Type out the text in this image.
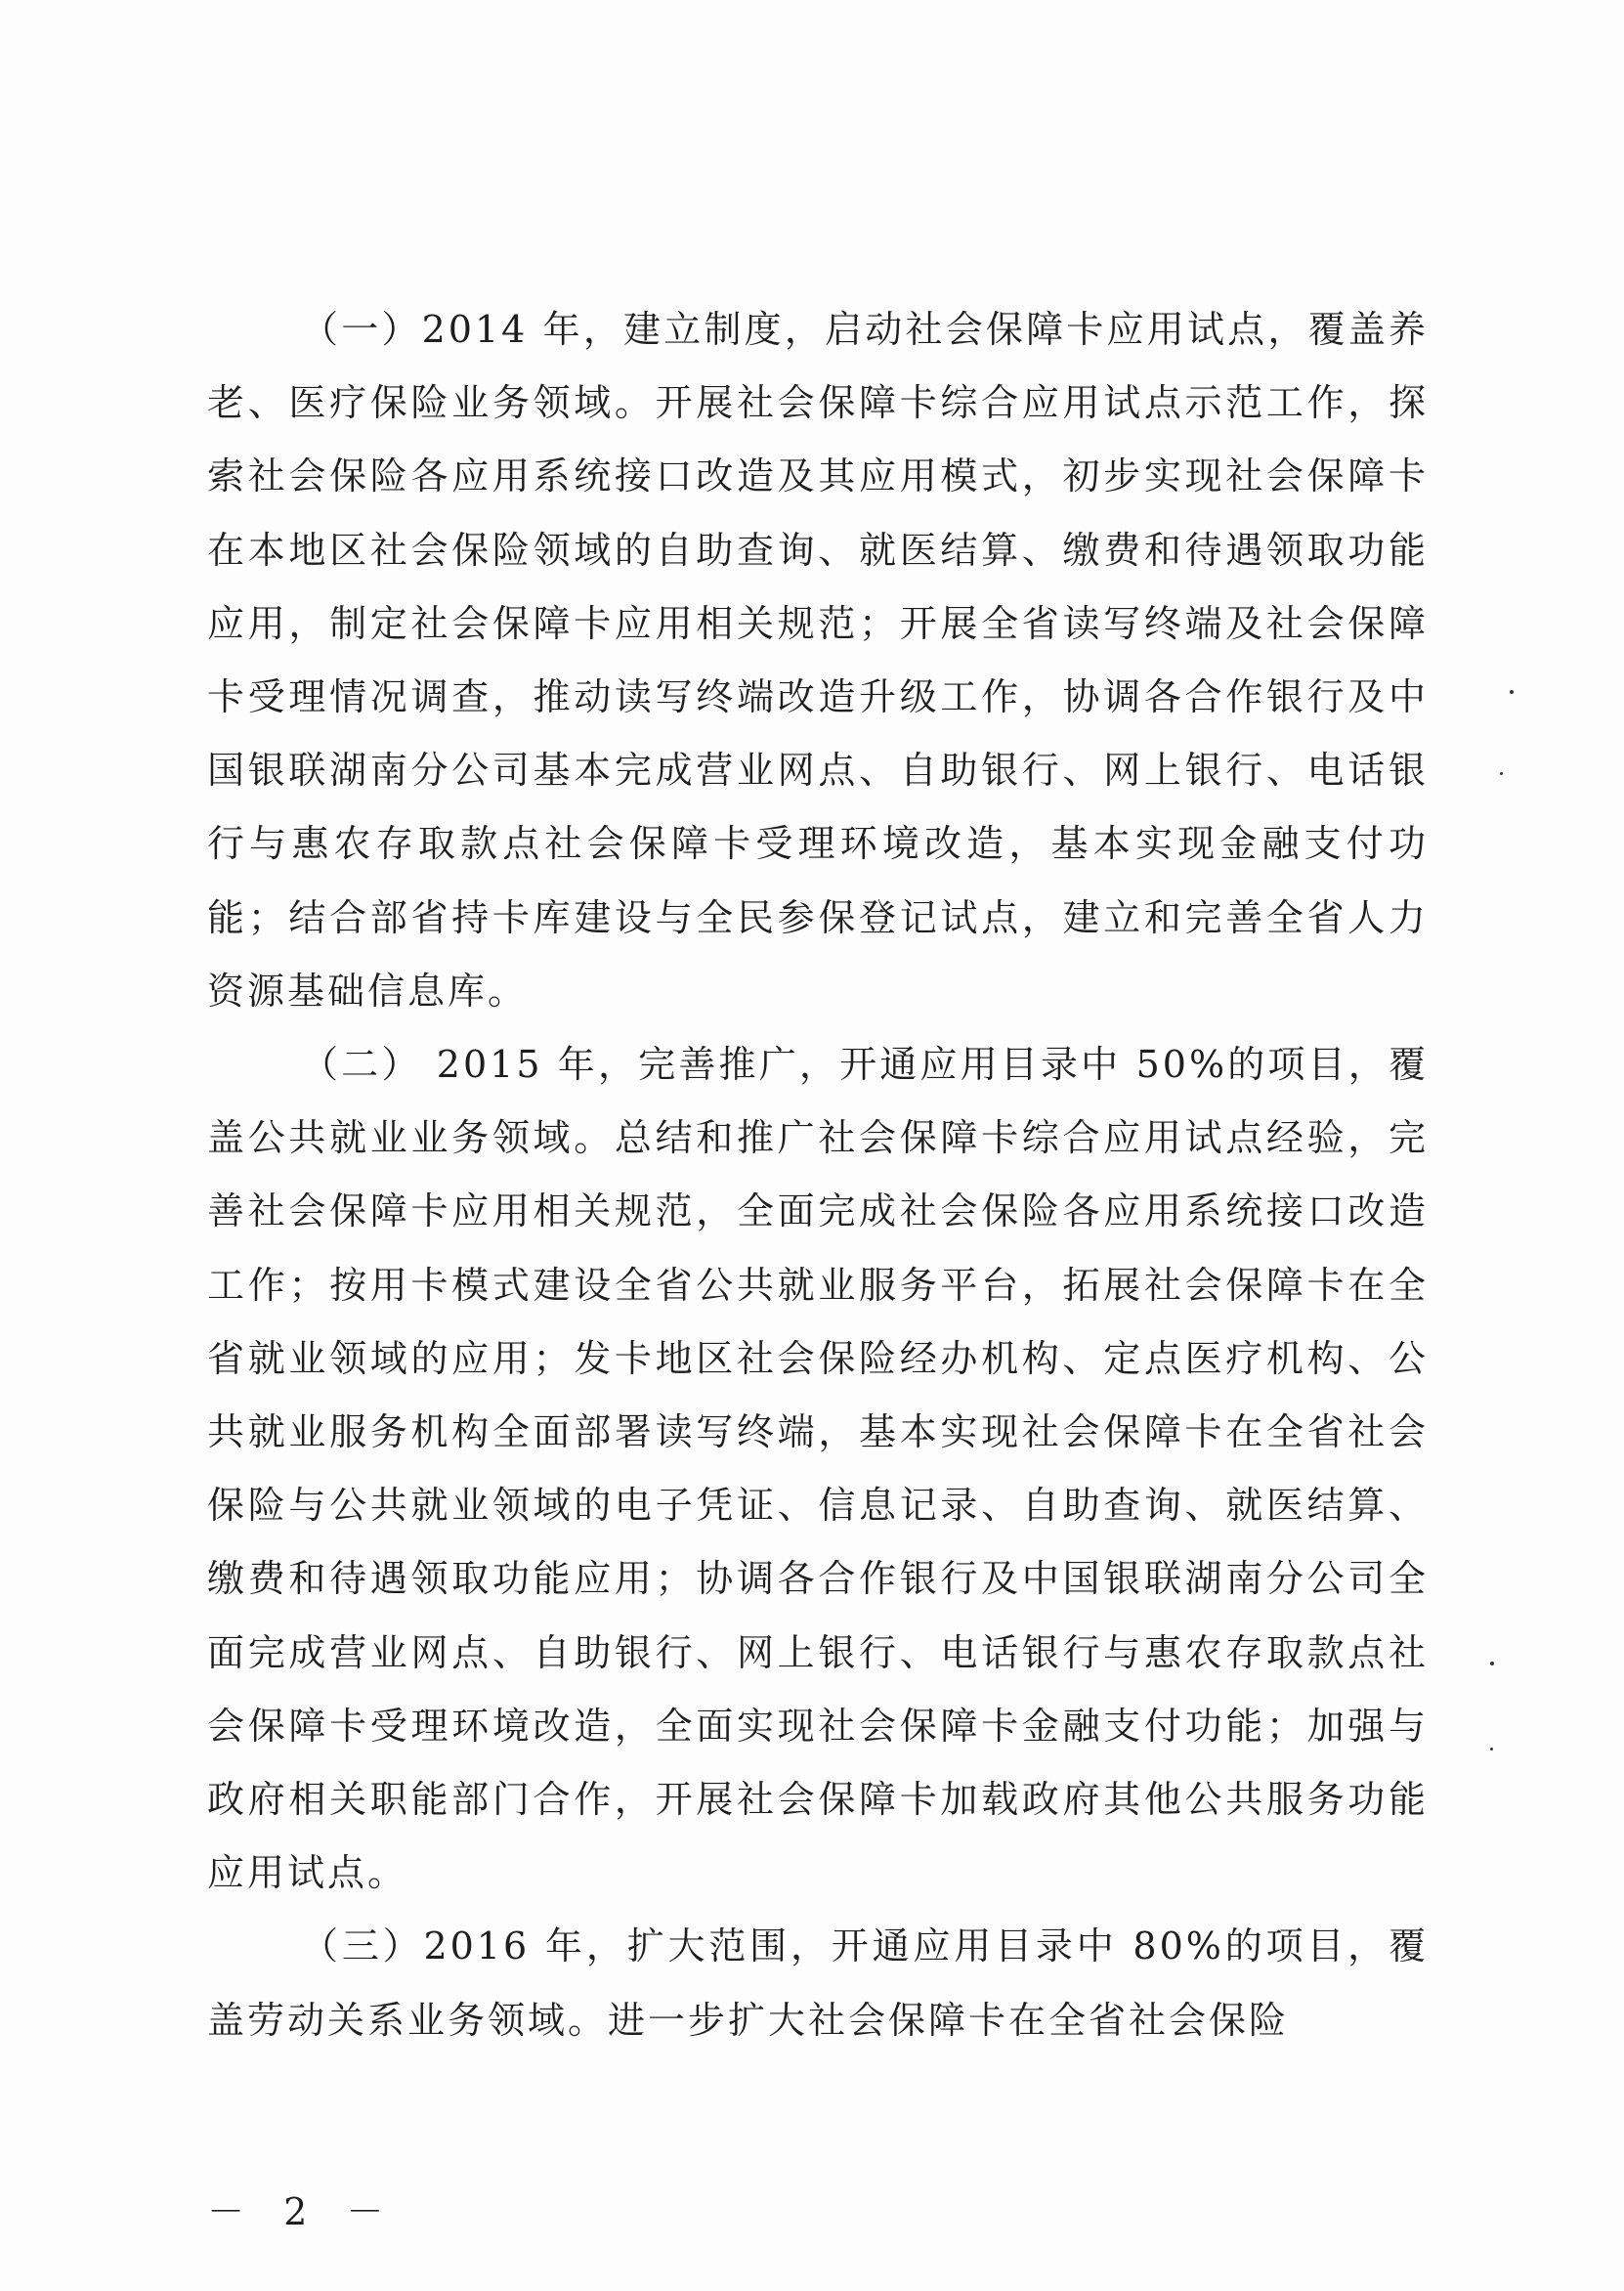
（一）2014 年，建立制度，启动社会保障卡应用试点，覆盖养老、医疗保险业务领域。开展社会保障卡综合应用试点示范工作，探索社会保险各应用系统接口改造及其应用模式，初步实现社会保障卡在本地区社会保险领域的自助查询、就医结算、缴费和待遇领取功能应用，制定社会保障卡应用相关规范；开展全省读写终端及社会保障卡受理情况调查，推动读写终端改造升级工作，协调各合作银行及中国银联湖南分公司基本完成营业网点、自助银行、网上银行、电话银行与惠农存取款点社会保障卡受理环境改造，基本实现金融支付功能；结合部省持卡库建设与全民参保登记试点，建立和完善全省人力资源基础信息库。

（二） 2015 年，完善推广，开通应用目录中 50%的项目，覆盖公共就业业务领域。总结和推广社会保障卡综合应用试点经验，完善社会保障卡应用相关规范，全面完成社会保险各应用系统接口改造工作；按用卡模式建设全省公共就业服务平台，拓展社会保障卡在全省就业领域的应用；发卡地区社会保险经办机构、定点医疗机构、公共就业服务机构全面部署读写终端，基本实现社会保障卡在全省社会保险与公共就业领域的电子凭证、信息记录、自助查询、就医结算、缴费和待遇领取功能应用；协调各合作银行及中国银联湖南分公司全面完成营业网点、自助银行、网上银行、电话银行与惠农存取款点社会保障卡受理环境改造，全面实现社会保障卡金融支付功能；加强与政府相关职能部门合作，开展社会保障卡加载政府其他公共服务功能应用试点。

（三）2016 年，扩大范围，开通应用目录中 80%的项目，覆盖劳动关系业务领域。进一步扩大社会保障卡在全省社会保险

－ 2 －
